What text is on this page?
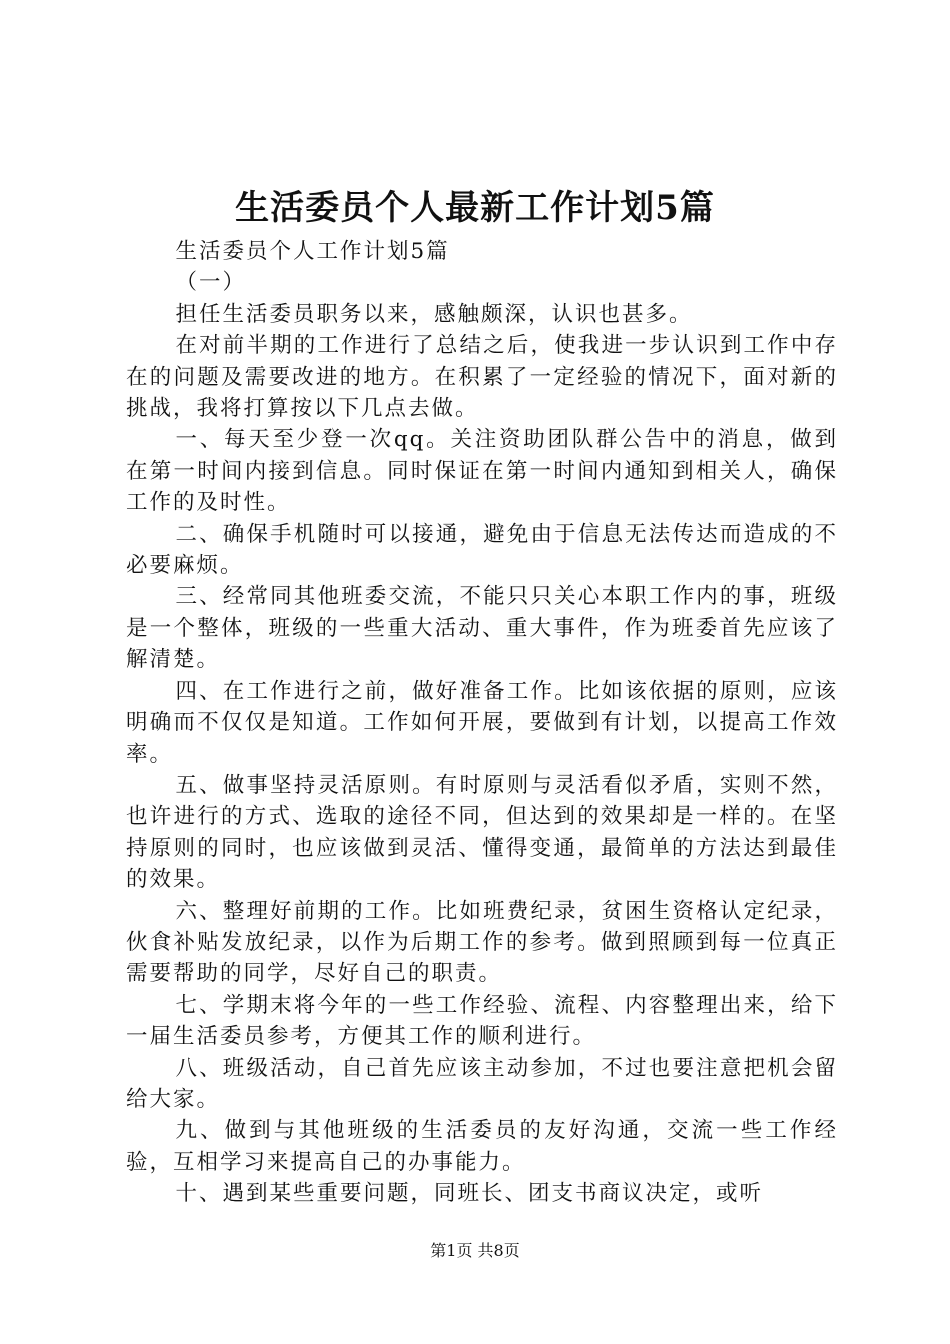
生活委员个人最新工作计划5篇

生活委员个人工作计划5篇

（一）

担任生活委员职务以来，感触颇深，认识也甚多。

在对前半期的工作进行了总结之后，使我进一步认识到工作中存在的问题及需要改进的地方。在积累了一定经验的情况下，面对新的挑战，我将打算按以下几点去做。

一、每天至少登一次qq。关注资助团队群公告中的消息，做到在第一时间内接到信息。同时保证在第一时间内通知到相关人，确保工作的及时性。

二、确保手机随时可以接通，避免由于信息无法传达而造成的不必要麻烦。

三、经常同其他班委交流，不能只只关心本职工作内的事，班级是一个整体，班级的一些重大活动、重大事件，作为班委首先应该了解清楚。

四、在工作进行之前，做好准备工作。比如该依据的原则，应该明确而不仅仅是知道。工作如何开展，要做到有计划，以提高工作效率。

五、做事坚持灵活原则。有时原则与灵活看似矛盾，实则不然，也许进行的方式、选取的途径不同，但达到的效果却是一样的。在坚持原则的同时，也应该做到灵活、懂得变通，最简单的方法达到最佳的效果。

六、整理好前期的工作。比如班费纪录，贫困生资格认定纪录，伙食补贴发放纪录，以作为后期工作的参考。做到照顾到每一位真正需要帮助的同学，尽好自己的职责。

七、学期末将今年的一些工作经验、流程、内容整理出来，给下一届生活委员参考，方便其工作的顺利进行。

八、班级活动，自己首先应该主动参加，不过也要注意把机会留给大家。

九、做到与其他班级的生活委员的友好沟通，交流一些工作经验，互相学习来提高自己的办事能力。

十、遇到某些重要问题，同班长、团支书商议决定，或听

第1页 共8页
